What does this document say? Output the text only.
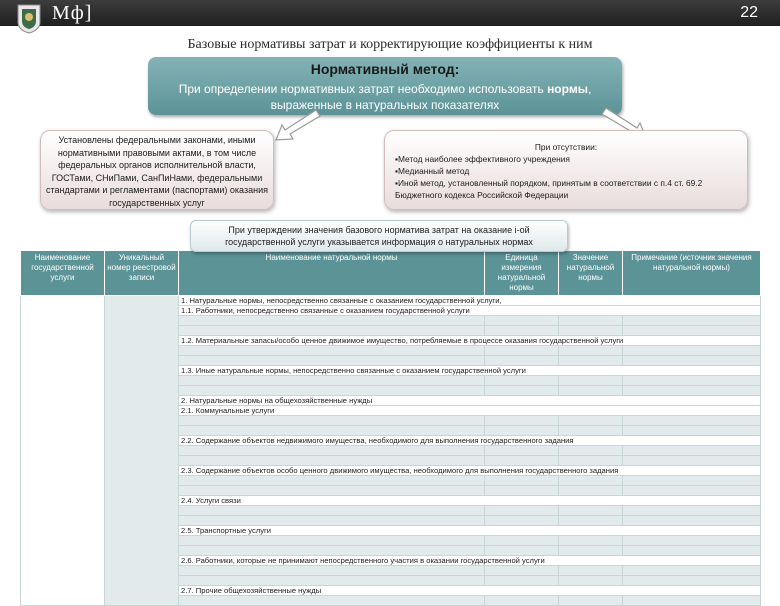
Мф]	22
Базовые нормативы затрат и корректирующие коэффициенты к ним
Нормативный метод:
При определении нормативных затрат необходимо использовать нормы, выраженные в натуральных показателях
Установлены федеральными законами, иными нормативными правовыми актами, в том числе федеральных органов исполнительной власти, ГОСТами, СНиПами, СанПиНами, федеральными стандартами и регламентами (паспортами) оказания государственных услуг
При отсутствии:
▪Метод наиболее эффективного учреждения
▪Медианный метод
▪Иной метод, установленный порядком, принятым в соответствии с п.4 ст. 69.2 Бюджетного кодекса Российской Федерации
При утверждении значения базового норматива затрат на оказание i-ой государственной услуги указывается информация о натуральных нормах
Наименование государственной услуги	Уникальный номер реестровой записи	Наименование натуральной нормы	Единица измерения натуральной нормы	Значение натуральной нормы	Примечание (источник значения натуральной нормы)
		1. Натуральные нормы, непосредственно связанные с оказанием государственной услуги,			
		1.1. Работники, непосредственно связанные с оказанием государственной услуги			

		1.2. Материальные запасы/особо ценное движимое имущество, потребляемые в процессе оказания государственной услуги			

		1.3. Иные натуральные нормы, непосредственно связанные с оказанием государственной услуги			

		2. Натуральные нормы на общехозяйственные нужды			
		2.1. Коммунальные услуги			

		2.2. Содержание объектов недвижимого имущества, необходимого для выполнения государственного задания			

		2.3. Содержание объектов особо ценного движимого имущества, необходимого для выполнения государственного задания			

		2.4. Услуги связи			

		2.5. Транспортные услуги			

		2.6. Работники, которые не принимают непосредственного участия в оказании государственной услуги			

		2.7. Прочие общехозяйственные нужды			
